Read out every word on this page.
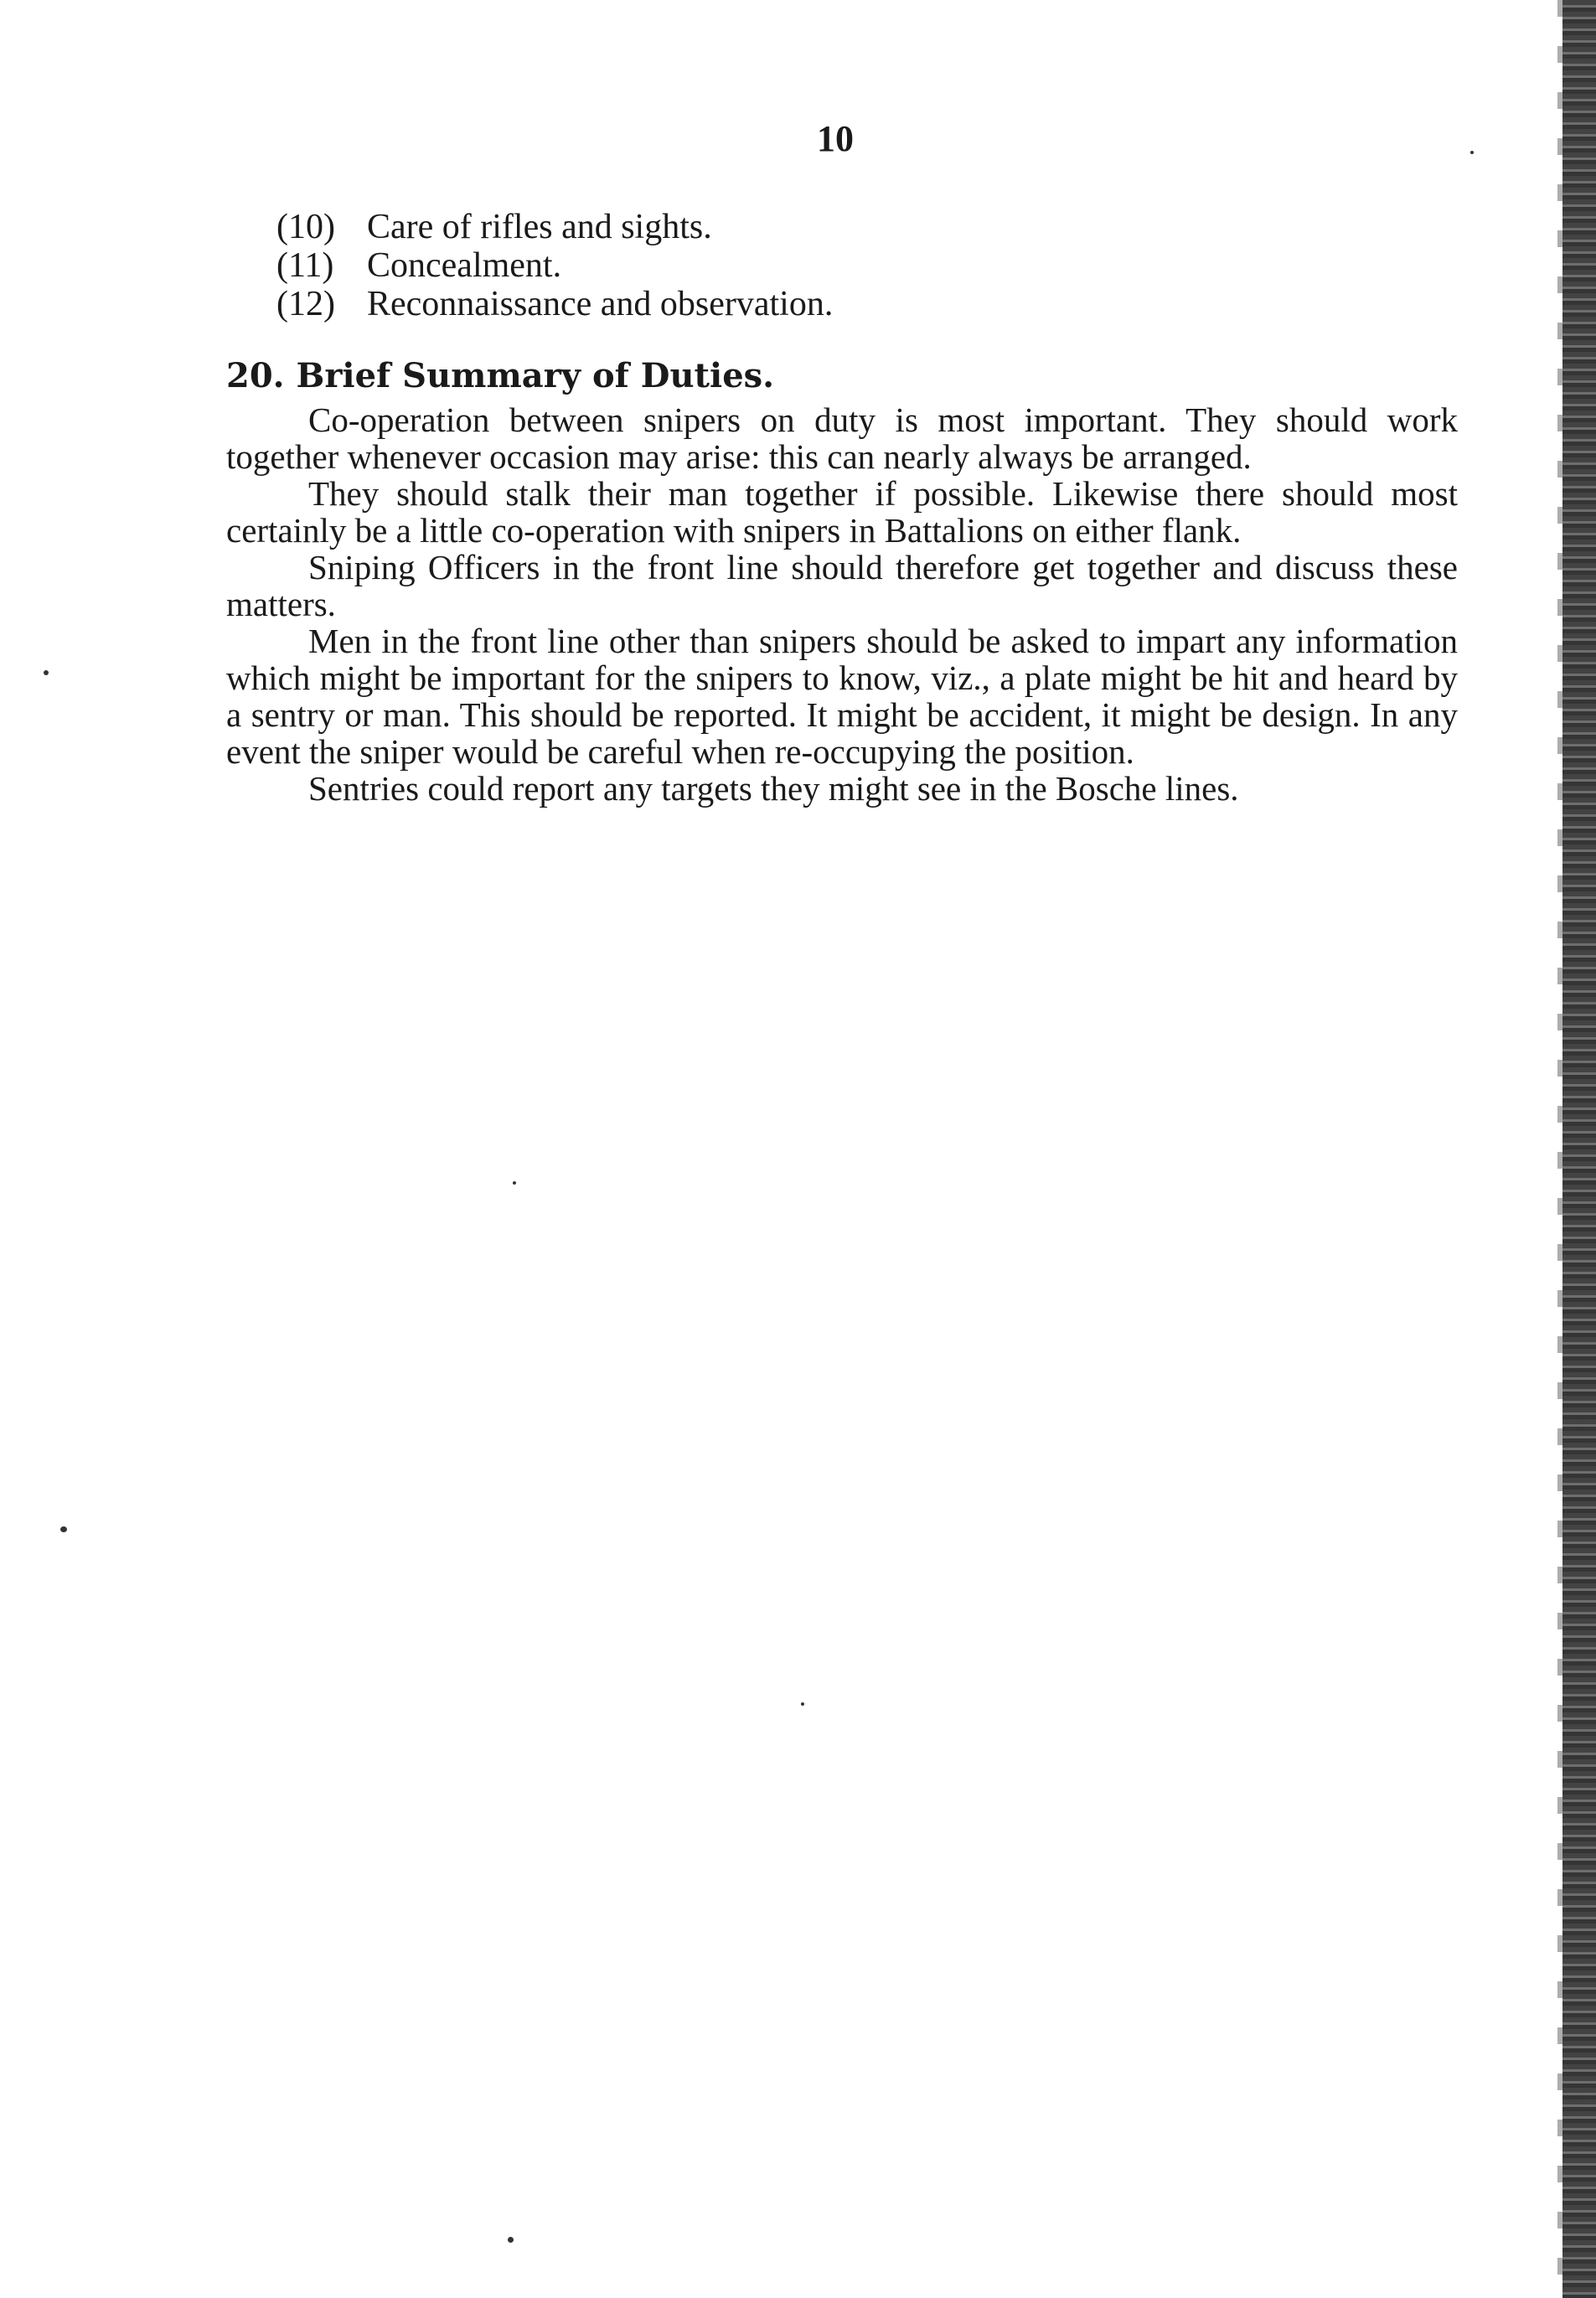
10
(10) Care of rifles and sights.
(11) Concealment.
(12) Reconnaissance and observation.
20. Brief Summary of Duties.

Co-operation between snipers on duty is most important. They should work together whenever occasion may arise: this can nearly always be arranged.

They should stalk their man together if possible. Likewise there should most certainly be a little co-operation with snipers in Battalions on either flank.

Sniping Officers in the front line should therefore get together and discuss these matters.

Men in the front line other than snipers should be asked to impart any information which might be important for the snipers to know, viz., a plate might be hit and heard by a sentry or man. This should be reported. It might be accident, it might be design. In any event the sniper would be careful when re-occupying the position.

Sentries could report any targets they might see in the Bosche lines.
